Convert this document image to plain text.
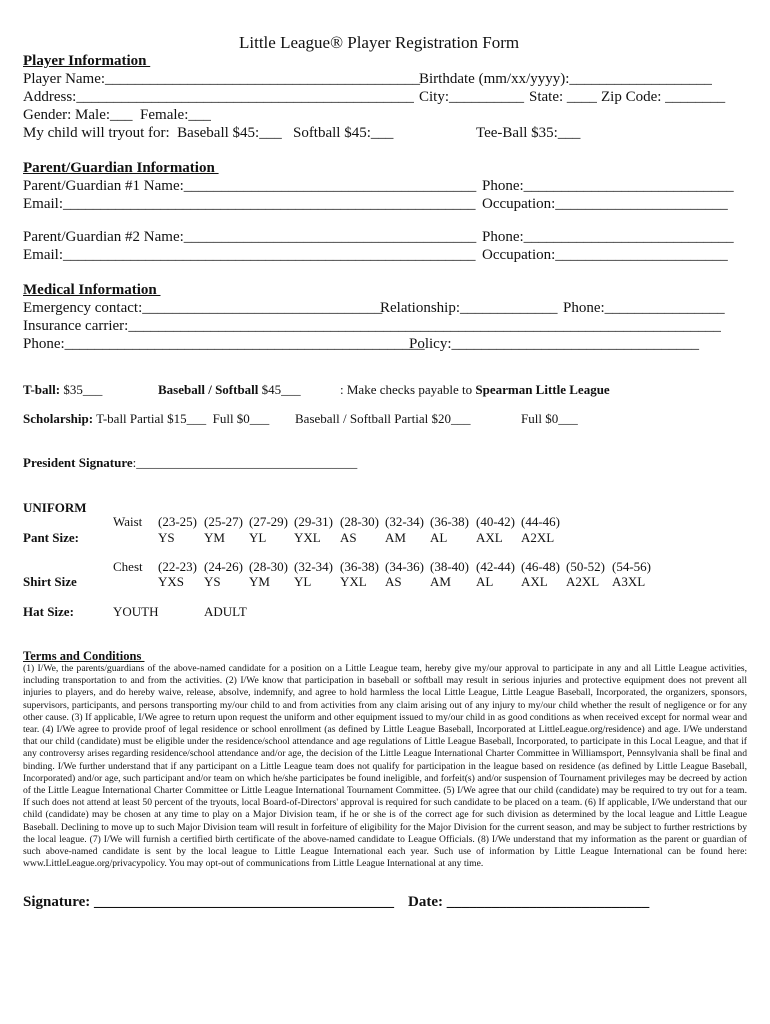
Little League® Player Registration Form
Player Information
Player Name:__________________________________________
Birthdate (mm/xx/yyyy):___________________
Address:_____________________________________________ City:__________ State: ____ Zip Code: ________
Gender: Male:___  Female:___
My child will tryout for:  Baseball $45:___   Softball $45:___	Tee-Ball $35:___
Parent/Guardian Information
Parent/Guardian #1 Name:_______________________________________ Phone:____________________________
Email:_______________________________________________________ Occupation:_______________________
Parent/Guardian #2 Name:_______________________________________ Phone:____________________________
Email:_______________________________________________________ Occupation:_______________________
Medical Information
Emergency contact:________________________________
Relationship:_____________ Phone:________________
Insurance carrier:_______________________________________________________________________________
Phone:________________________________________________
Policy:_________________________________
T-ball: $35___	Baseball / Softball $45___	: Make checks payable to Spearman Little League
Scholarship: T-ball Partial $15___  Full $0___ Baseball / Softball Partial $20___	Full $0___
President Signature:__________________________________
UNIFORM
Waist (23-25) (25-27) (27-29) (29-31) (28-30) (32-34) (36-38) (40-42) (44-46)
Pant Size:	YS YM YL YXL AS AM AL AXL A2XL
Chest (22-23) (24-26) (28-30) (32-34) (36-38) (34-36) (38-40) (42-44) (46-48) (50-52) (54-56)
Shirt Size	YXS YS YM YL YXL AS AM AL AXL A2XL A3XL
Hat Size:	YOUTH	ADULT
Terms and Conditions
(1) I/We, the parents/guardians of the above-named candidate for a position on a Little League team, hereby give my/our approval to participate in any and all Little League activities, including transportation to and from the activities. (2) I/We know that participation in baseball or softball may result in serious injuries and protective equipment does not prevent all injuries to players, and do hereby waive, release, absolve, indemnify, and agree to hold harmless the local Little League, Little League Baseball, Incorporated, the organizers, sponsors, supervisors, participants, and persons transporting my/our child to and from activities from any claim arising out of any injury to my/our child whether the result of negligence or for any other cause. (3) If applicable, I/We agree to return upon request the uniform and other equipment issued to my/our child in as good conditions as when received except for normal wear and tear. (4) I/We agree to provide proof of legal residence or school enrollment (as defined by Little League Baseball, Incorporated at LittleLeague.org/residence) and age. I/We understand that our child (candidate) must be eligible under the residence/school attendance and age regulations of Little League Baseball, Incorporated, to participate in this Local League, and that if any controversy arises regarding residence/school attendance and/or age, the decision of the Little League International Charter Committee in Williamsport, Pennsylvania shall be final and binding. I/We further understand that if any participant on a Little League team does not qualify for participation in the league based on residence (as defined by Little League Baseball, Incorporated) and/or age, such participant and/or team on which he/she participates be found ineligible, and forfeit(s) and/or suspension of Tournament privileges may be decreed by action of the Little League International Charter Committee or Little League International Tournament Committee. (5) I/We agree that our child (candidate) may be required to try out for a team. If such does not attend at least 50 percent of the tryouts, local Board-of-Directors' approval is required for such candidate to be placed on a team. (6) If applicable, I/We understand that our child (candidate) may be chosen at any time to play on a Major Division team, if he or she is of the correct age for such division as determined by the local league and Little League Baseball. Declining to move up to such Major Division team will result in forfeiture of eligibility for the Major Division for the current season, and may be subject to further restrictions by the local league. (7) I/We will furnish a certified birth certificate of the above-named candidate to League Officials. (8) I/We understand that my information as the parent or guardian of such above-named candidate is sent by the local league to Little League International each year. Such use of information by Little League International can be found here: www.LittleLeague.org/privacypolicy. You may opt-out of communications from Little League International at any time.
Signature: ________________________________________ Date: ___________________________
